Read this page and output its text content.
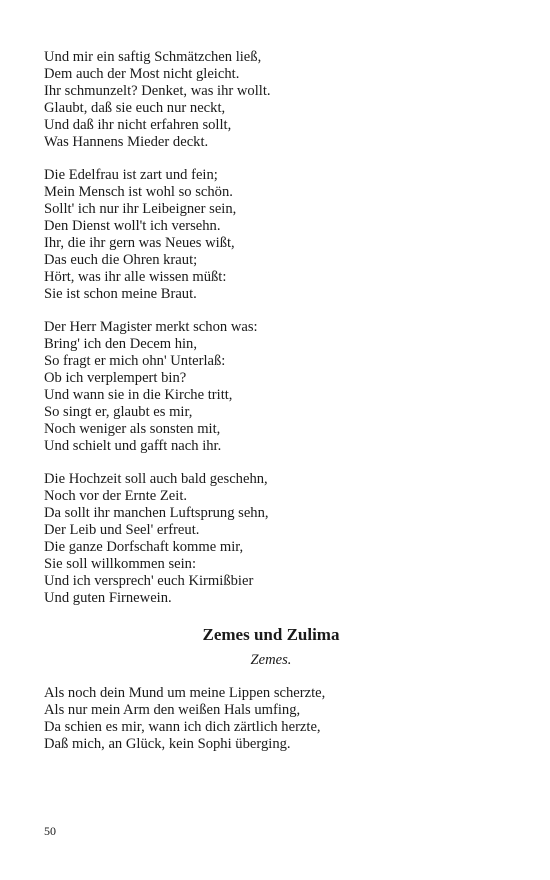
Und mir ein saftig Schmätzchen ließ,
Dem auch der Most nicht gleicht.
Ihr schmunzelt? Denket, was ihr wollt.
Glaubt, daß sie euch nur neckt,
Und daß ihr nicht erfahren sollt,
Was Hannens Mieder deckt.
Die Edelfrau ist zart und fein;
Mein Mensch ist wohl so schön.
Sollt' ich nur ihr Leibeigner sein,
Den Dienst woll't ich versehn.
Ihr, die ihr gern was Neues wißt,
Das euch die Ohren kraut;
Hört, was ihr alle wissen müßt:
Sie ist schon meine Braut.
Der Herr Magister merkt schon was:
Bring' ich den Decem hin,
So fragt er mich ohn' Unterlaß:
Ob ich verplempert bin?
Und wann sie in die Kirche tritt,
So singt er, glaubt es mir,
Noch weniger als sonsten mit,
Und schielt und gafft nach ihr.
Die Hochzeit soll auch bald geschehn,
Noch vor der Ernte Zeit.
Da sollt ihr manchen Luftsprung sehn,
Der Leib und Seel' erfreut.
Die ganze Dorfschaft komme mir,
Sie soll willkommen sein:
Und ich versprech' euch Kirmißbier
Und guten Firnewein.
Zemes und Zulima
Zemes.
Als noch dein Mund um meine Lippen scherzte,
Als nur mein Arm den weißen Hals umfing,
Da schien es mir, wann ich dich zärtlich herzte,
Daß mich, an Glück, kein Sophi überging.
50
